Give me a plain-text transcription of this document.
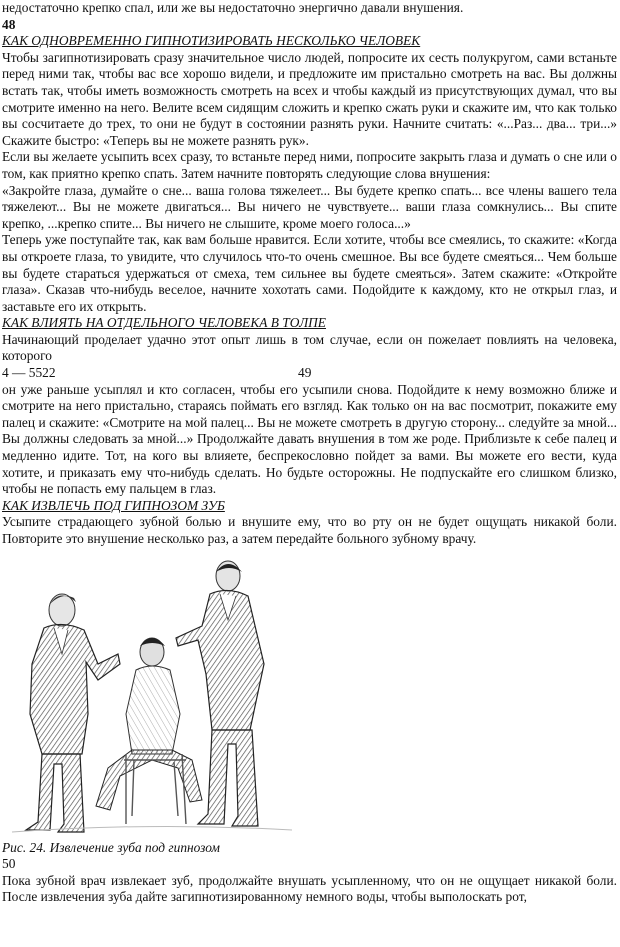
недостаточно крепко спал, или же вы недостаточно энергично давали внушения.

48

КАК ОДНОВРЕМЕННО ГИПНОТИЗИРОВАТЬ НЕСКОЛЬКО ЧЕЛОВЕК

Чтобы загипнотизировать сразу значительное число людей, попросите их сесть полукругом, сами встаньте перед ними так, чтобы вас все хорошо видели, и предложите им пристально смотреть на вас. Вы должны встать так, чтобы иметь возможность смотреть на всех и чтобы каждый из присутствующих думал, что вы смотрите именно на него. Велите всем сидящим сложить и крепко сжать руки и скажите им, что как только вы сосчитаете до трех, то они не будут в состоянии разнять руки. Начните считать: «...Раз... два... три...» Скажите быстро: «Теперь вы не можете разнять рук».

Если вы желаете усыпить всех сразу, то встаньте перед ними, попросите закрыть глаза и думать о сне или о том, как приятно крепко спать. Затем начните повторять следующие слова внушения:

«Закройте глаза, думайте о сне... ваша голова тяжелеет... Вы будете крепко спать... все члены вашего тела тяжелеют... Вы не можете двигаться... Вы ничего не чувствуете... ваши глаза сомкнулись... Вы спите крепко, ...крепко спите... Вы ничего не слышите, кроме моего голоса...»

Теперь уже поступайте так, как вам больше нравится. Если хотите, чтобы все смеялись, то скажите: «Когда вы откроете глаза, то увидите, что случилось что-то очень смешное. Вы все будете смеяться... Чем больше вы будете стараться удержаться от смеха, тем сильнее вы будете смеяться». Затем скажите: «Откройте глаза». Сказав что-нибудь веселое, начните хохотать сами. Подойдите к каждому, кто не открыл глаз, и заставьте его их открыть.

КАК ВЛИЯТЬ НА ОТДЕЛЬНОГО ЧЕЛОВЕКА В ТОЛПЕ

Начинающий проделает удачно этот опыт лишь в том случае, если он пожелает повлиять на человека, которого

4 — 5522	49

он уже раньше усыплял и кто согласен, чтобы его усыпили снова. Подойдите к нему возможно ближе и смотрите на него пристально, стараясь поймать его взгляд. Как только он на вас посмотрит, покажите ему палец и скажите: «Смотрите на мой палец... Вы не можете смотреть в другую сторону... следуйте за мной... Вы должны следовать за мной...» Продолжайте давать внушения в том же роде. Приблизьте к себе палец и медленно идите. Тот, на кого вы влияете, беспрекословно пойдет за вами. Вы можете его вести, куда хотите, и приказать ему что-нибудь сделать. Но будьте осторожны. Не подпускайте его слишком близко, чтобы не попасть ему пальцем в глаз.

КАК ИЗВЛЕЧЬ ПОД ГИПНОЗОМ ЗУБ

Усыпите страдающего зубной болью и внушите ему, что во рту он не будет ощущать никакой боли. Повторите это внушение несколько раз, а затем передайте больного зубному врачу.

Рис. 24. Извлечение зуба под гипнозом

50

Пока зубной врач извлекает зуб, продолжайте внушать усыпленному, что он не ощущает никакой боли. После извлечения зуба дайте загипнотизированному немного воды, чтобы выполоскать рот,
